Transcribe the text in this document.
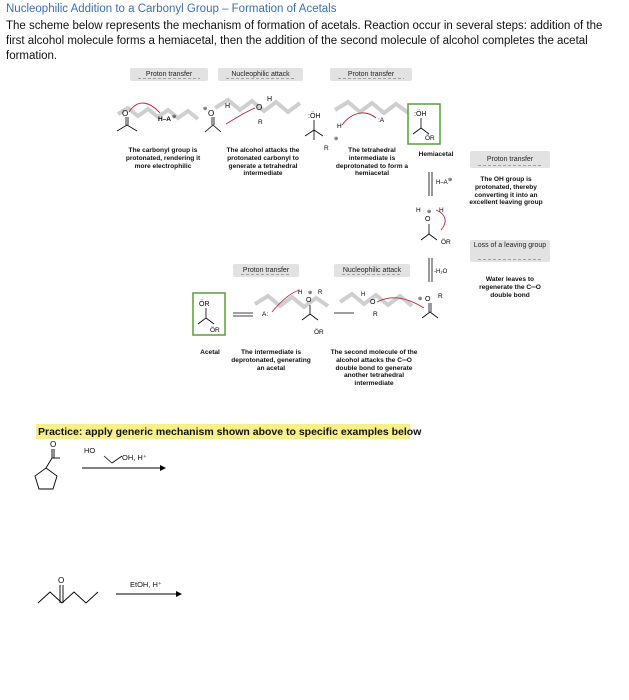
Nucleophilic Addition to a Carbonyl Group – Formation of Acetals
The scheme below represents the mechanism of formation of acetals. Reaction occur in several steps: addition of the first alcohol molecule forms a hemiacetal, then the addition of the second molecule of alcohol completes the acetal formation.
Proton transfer	Nucleophilic attack	Proton transfer
O
H–A ⊕	O
H
⊕	O
H
R
:ÖH
R
H
⊕
:A
:ÖH
ÖR
H–A ⊕
H ⊕ H
O
ÖR
-H₂O
⊕ O R
H
O
R
H ⊕ R
O
ÖR
A:
ÖR
ÖR
O
O
The carbonyl group is protonated, rendering it more electrophilic
The alcohol attacks the protonated carbonyl to generate a tetrahedral intermediate
The tetrahedral intermediate is deprotonated to form a hemiacetal
Hemiacetal
Proton transfer
The OH group is protonated, thereby converting it into an excellent leaving group
Loss of a leaving group
Water leaves to regenerate the C═O double bond
Proton transfer	Nucleophilic attack
Acetal	The intermediate is deprotonated, generating an acetal
The second molecule of the alcohol attacks the C═O double bond to generate another tetrahedral intermediate
Practice: apply generic mechanism shown above to specific examples below
HO
OH, H⁺
EtOH, H⁺
